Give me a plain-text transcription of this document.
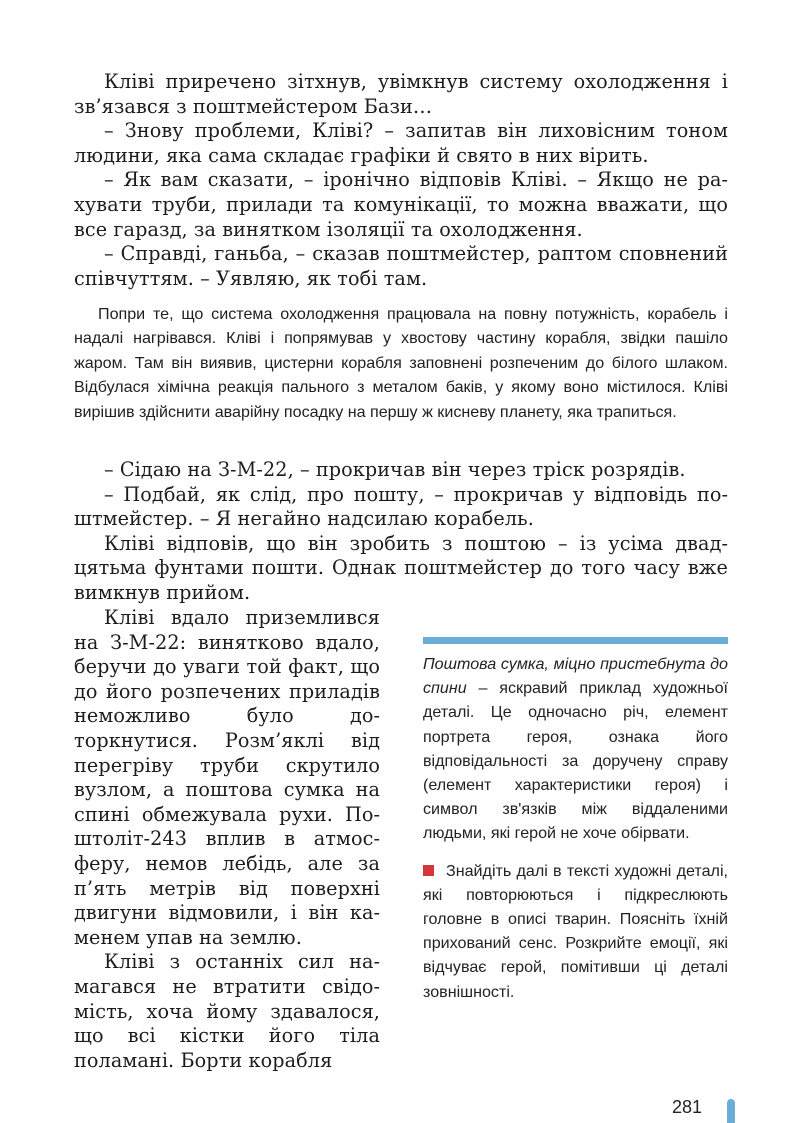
Кліві приречено зітхнув, увімкнув систему охолодження і зв’язався з поштмейстером Бази…

– Знову проблеми, Кліві? – запитав він лиховісним тоном людини, яка сама складає графіки й свято в них вірить.

– Як вам сказати, – іронічно відповів Кліві. – Якщо не рахувати труби, прилади та комунікації, то можна вважати, що все гаразд, за винятком ізоляції та охолодження.

– Справді, ганьба, – сказав поштмейстер, раптом сповнений співчуттям. – Уявляю, як тобі там.

Попри те, що система охолодження працювала на повну потужність, корабель і надалі нагрівався. Кліві і попрямував у хвостову частину корабля, звідки пашіло жаром. Там він виявив, цистерни корабля заповнені розпеченим до білого шлаком. Відбулася хімічна реакція пального з металом баків, у якому воно містилося. Кліві вирішив здійснити аварійну посадку на першу ж кисневу планету, яка трапиться.

– Сідаю на З-М-22, – прокричав він через тріск розрядів.

– Подбай, як слід, про пошту, – прокричав у відповідь поштмейстер. – Я негайно надсилаю корабель.

Кліві відповів, що він зробить з поштою – із усіма двадцятьма фунтами пошти. Однак поштмейстер до того часу вже вимкнув прийом.

Кліві вдало приземлився на З-М-22: винятково вдало, беручи до уваги той факт, що до його розпечених приладів неможливо було доторкнутися. Розм’яклі від перегріву труби скрутило вузлом, а поштова сумка на спині обмежувала рухи. Поштоліт-243 вплив в атмосферу, немов лебідь, але за п’ять метрів від поверхні двигуни відмовили, і він каменем упав на землю.

Кліві з останніх сил намагався не втратити свідомість, хоча йому здавалося, що всі кістки його тіла поламані. Борти корабля

Поштова сумка, міцно пристебнута до спини – яскравий приклад художньої деталі. Це одночасно річ, елемент портрета героя, ознака його відповідальності за доручену справу (елемент характеристики героя) і символ зв'язків між віддаленими людьми, які герой не хоче обірвати.

Знайдіть далі в тексті художні деталі, які повторюються і підкреслюють головне в описі тварин. Поясніть їхній прихований сенс. Розкрийте емоції, які відчуває герой, помітивши ці деталі зовнішності.

281
